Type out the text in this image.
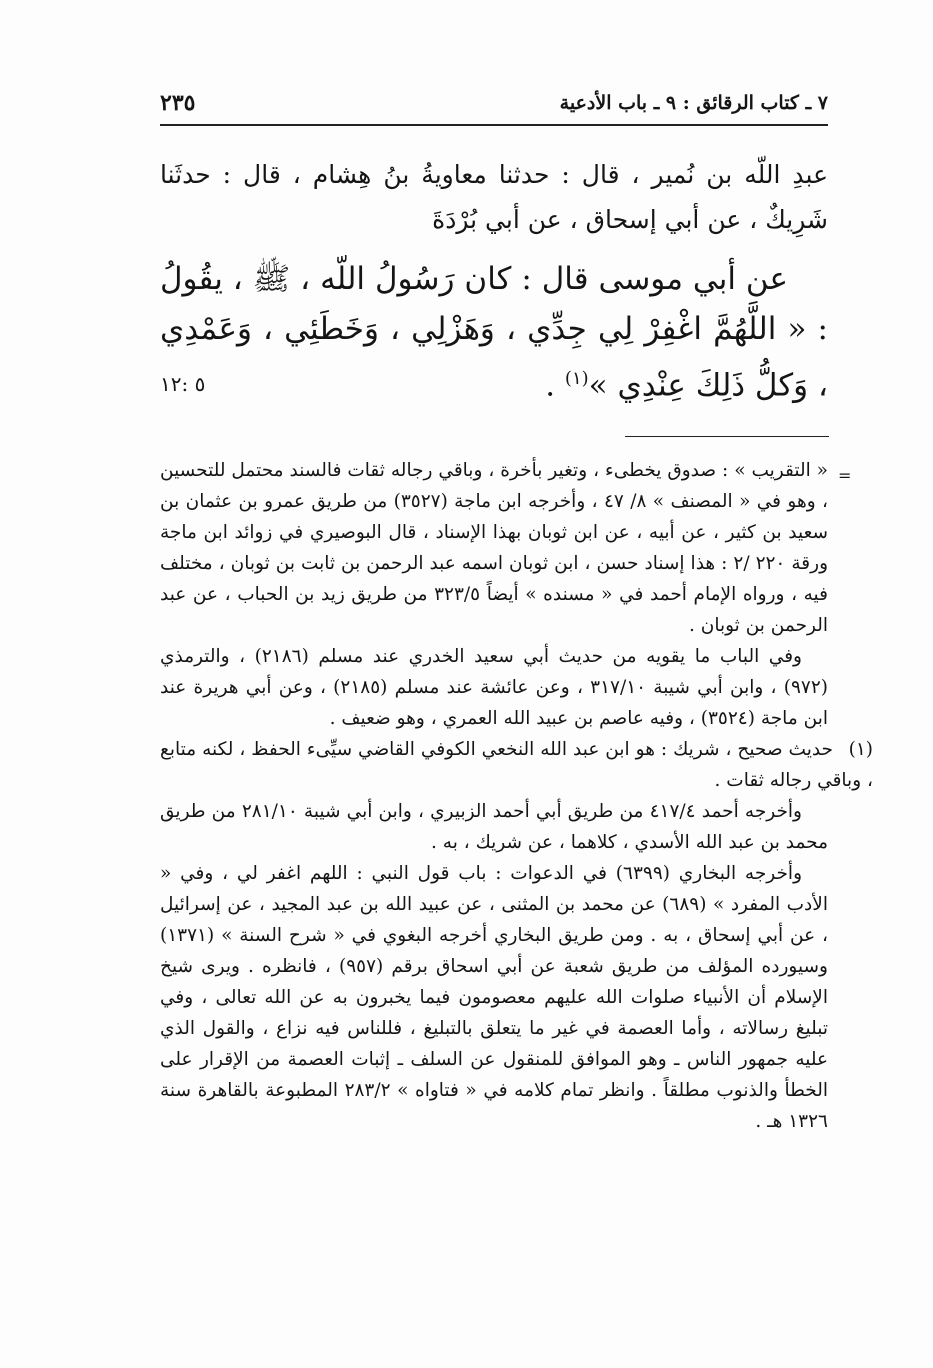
٧ ـ كتاب الرقائق : ٩ ـ باب الأدعية
٢٣٥

عبدِ اللّه بن نُمير ، قال : حدثنا معاويةُ بنُ هِشام ، قال : حدثَنا شَرِيكٌ ، عن أبي إسحاق ، عن أبي بُرْدَةَ

عن أبي موسى قال : كان رَسُولُ اللّه ، ﷺ ، يقُولُ : « اللَّهُمَّ اغْفِرْ لِي جِدِّي ، وَهَزْلِي ، وَخَطَئِي ، وَعَمْدِي ، وَكلُّ ذَلِكَ عِنْدِي »$^{(١)}$ .

٥ :١٢
=

« التقريب » : صدوق يخطىء ، وتغير بأخرة ، وباقي رجاله ثقات فالسند محتمل للتحسين ، وهو في « المصنف » ٨/ ٤٧ ، وأخرجه ابن ماجة (٣٥٢٧) من طريق عمرو بن عثمان بن سعيد بن كثير ، عن أبيه ، عن ابن ثوبان بهذا الإسناد ، قال البوصيري في زوائد ابن ماجة ورقة ٢٢٠ /٢ : هذا إسناد حسن ، ابن ثوبان اسمه عبد الرحمن بن ثابت بن ثوبان ، مختلف فيه ، ورواه الإمام أحمد في « مسنده » أيضاً ٣٢٣/٥ من طريق زيد بن الحباب ، عن عبد الرحمن بن ثوبان .

وفي الباب ما يقويه من حديث أبي سعيد الخدري عند مسلم (٢١٨٦) ، والترمذي (٩٧٢) ، وابن أبي شيبة ٣١٧/١٠ ، وعن عائشة عند مسلم (٢١٨٥) ، وعن أبي هريرة عند ابن ماجة (٣٥٢٤) ، وفيه عاصم بن عبيد الله العمري ، وهو ضعيف .

(١)حديث صحيح ، شريك : هو ابن عبد الله النخعي الكوفي القاضي سيِّىء الحفظ ، لكنه متابع ، وباقي رجاله ثقات .

وأخرجه أحمد ٤١٧/٤ من طريق أبي أحمد الزبيري ، وابن أبي شيبة ٢٨١/١٠ من طريق محمد بن عبد الله الأسدي ، كلاهما ، عن شريك ، به .

وأخرجه البخاري (٦٣٩٩) في الدعوات : باب قول النبي : اللهم اغفر لي ، وفي « الأدب المفرد » (٦٨٩) عن محمد بن المثنى ، عن عبيد الله بن عبد المجيد ، عن إسرائيل ، عن أبي إسحاق ، به . ومن طريق البخاري أخرجه البغوي في « شرح السنة » (١٣٧١) وسيورده المؤلف من طريق شعبة عن أبي اسحاق برقم (٩٥٧) ، فانظره . ويرى شيخ الإسلام أن الأنبياء صلوات الله عليهم معصومون فيما يخبرون به عن الله تعالى ، وفي تبليغ رسالاته ، وأما العصمة في غير ما يتعلق بالتبليغ ، فللناس فيه نزاع ، والقول الذي عليه جمهور الناس ـ وهو الموافق للمنقول عن السلف ـ إثبات العصمة من الإقرار على الخطأ والذنوب مطلقاً . وانظر تمام كلامه في « فتاواه » ٢٨٣/٢ المطبوعة بالقاهرة سنة ١٣٢٦ هـ .
